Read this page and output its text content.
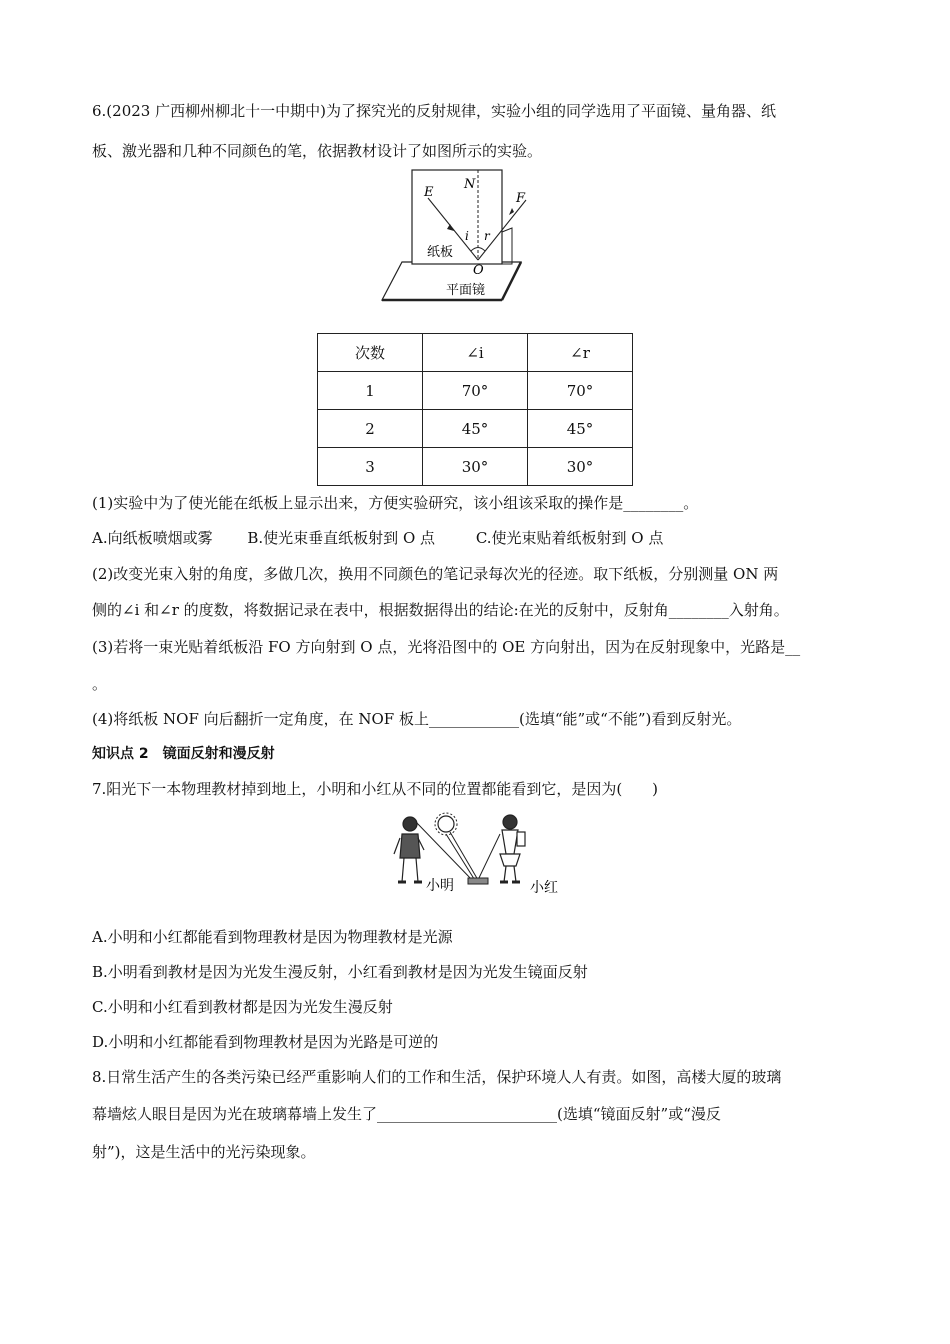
6.(2023 广西柳州柳北十一中期中)为了探究光的反射规律，实验小组的同学选用了平面镜、量角器、纸
板、激光器和几种不同颜色的笔，依据教材设计了如图所示的实验。
E
N
F
i r
O
纸板
平面镜
次数	∠i	∠r
1	70°	70°
2	45°	45°
3	30°	30°
(1)实验中为了使光能在纸板上显示出来，方便实验研究，该小组该采取的操作是________。
A.向纸板喷烟或雾 B.使光束垂直纸板射到 O 点	C.使光束贴着纸板射到 O 点
(2)改变光束入射的角度，多做几次，换用不同颜色的笔记录每次光的径迹。取下纸板，分别测量 ON 两
侧的∠i 和∠r 的度数，将数据记录在表中，根据数据得出的结论:在光的反射中，反射角________入射角。
(3)若将一束光贴着纸板沿 FO 方向射到 O 点，光将沿图中的 OE 方向射出，因为在反射现象中，光路是__
。
(4)将纸板 NOF 向后翻折一定角度，在 NOF 板上____________(选填“能”或“不能”)看到反射光。
知识点 2　镜面反射和漫反射
7.阳光下一本物理教材掉到地上，小明和小红从不同的位置都能看到它，是因为(　　)
小明	小红
A.小明和小红都能看到物理教材是因为物理教材是光源
B.小明看到教材是因为光发生漫反射，小红看到教材是因为光发生镜面反射
C.小明和小红看到教材都是因为光发生漫反射
D.小明和小红都能看到物理教材是因为光路是可逆的
8.日常生活产生的各类污染已经严重影响人们的工作和生活，保护环境人人有责。如图，高楼大厦的玻璃
幕墙炫人眼目是因为光在玻璃幕墙上发生了________________________(选填“镜面反射”或“漫反
射”)，这是生活中的光污染现象。
